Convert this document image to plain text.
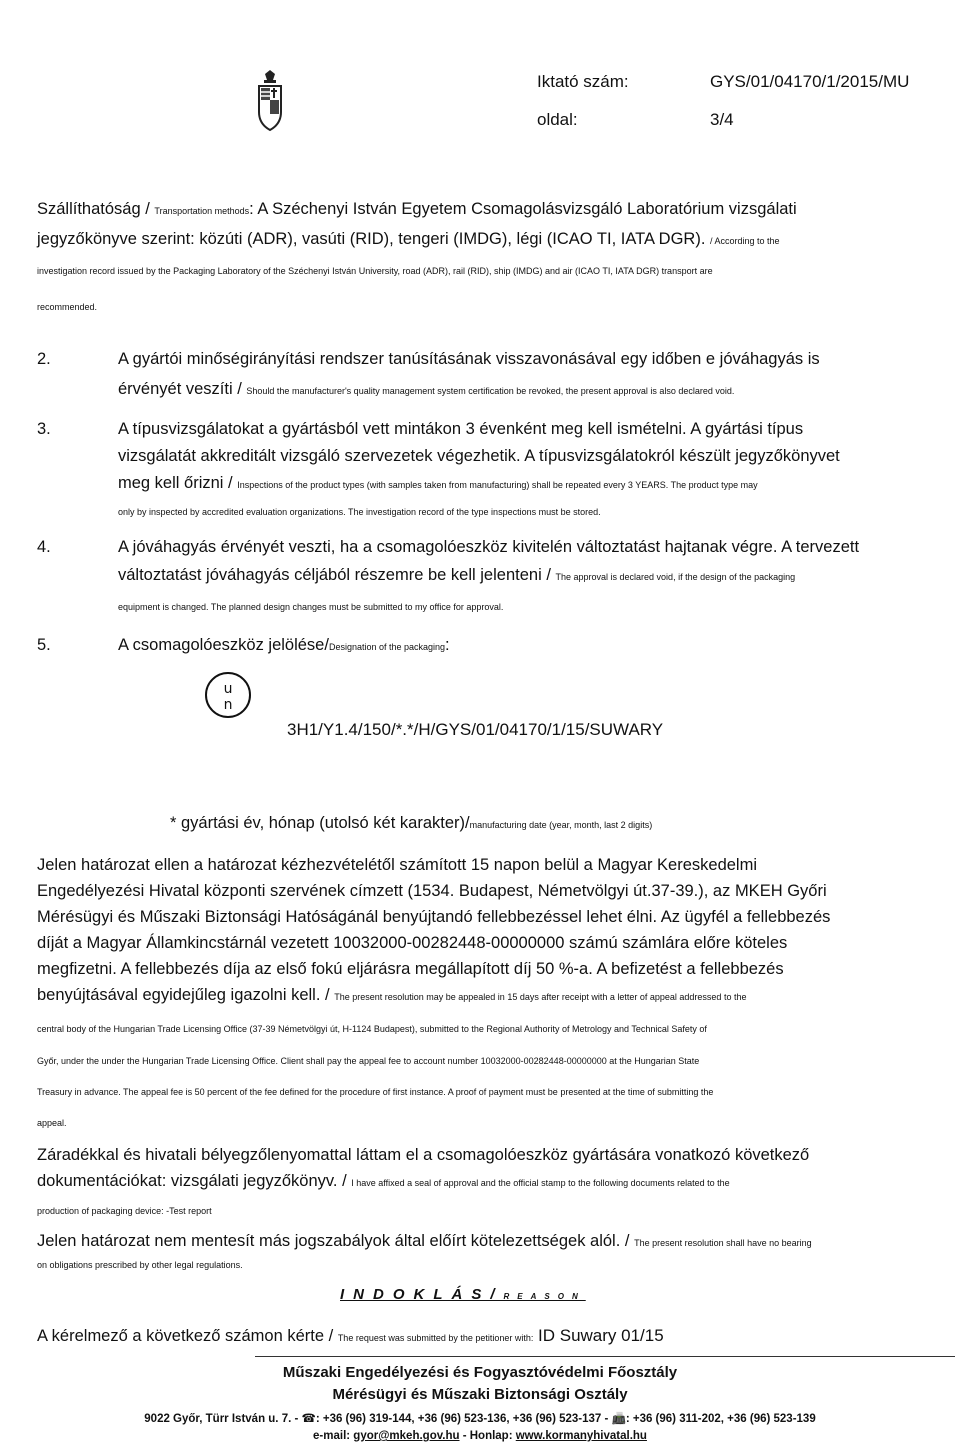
Iktató szám:	GYS/01/04170/1/2015/MU
oldal:	3/4
Szállíthatóság / Transportation methods: A Széchenyi István Egyetem Csomagolásvizsgáló Laboratórium vizsgálati
jegyzőkönyve szerint: közúti (ADR), vasúti (RID), tengeri (IMDG), légi (ICAO TI, IATA DGR). / According to the
investigation record issued by the Packaging Laboratory of the Széchenyi István University, road (ADR), rail (RID), ship (IMDG) and air (ICAO TI, IATA DGR) transport are
recommended.
2.	A gyártói minőségirányítási rendszer tanúsításának visszavonásával egy időben e jóváhagyás is
érvényét veszíti / Should the manufacturer's quality management system certification be revoked, the present approval is also declared void.
3.	A típusvizsgálatokat a gyártásból vett mintákon 3 évenként meg kell ismételni. A gyártási típus
vizsgálatát akkreditált vizsgáló szervezetek végezhetik. A típusvizsgálatokról készült jegyzőkönyvet
meg kell őrizni / Inspections of the product types (with samples taken from manufacturing) shall be repeated every 3 YEARS. The product type may
only by inspected by accredited evaluation organizations. The investigation record of the type inspections must be stored.
4.	A jóváhagyás érvényét veszti, ha a csomagolóeszköz kivitelén változtatást hajtanak végre. A tervezett
változtatást jóváhagyás céljából részemre be kell jelenteni / The approval is declared void, if the design of the packaging
equipment is changed. The planned design changes must be submitted to my office for approval.
5.	A csomagolóeszköz jelölése/Designation of the packaging:
u
n
3H1/Y1.4/150/*.*/H/GYS/01/04170/1/15/SUWARY
* gyártási év, hónap (utolsó két karakter)/manufacturing date (year, month, last 2 digits)
Jelen határozat ellen a határozat kézhezvételétől számított 15 napon belül a Magyar Kereskedelmi
Engedélyezési Hivatal központi szervének címzett (1534. Budapest, Németvölgyi út.37-39.), az MKEH Győri
Mérésügyi és Műszaki Biztonsági Hatóságánál benyújtandó fellebbezéssel lehet élni. Az ügyfél a fellebbezés
díját a Magyar Államkincstárnál vezetett 10032000-00282448-00000000 számú számlára előre köteles
megfizetni. A fellebbezés díja az első fokú eljárásra megállapított díj 50 %-a. A befizetést a fellebbezés
benyújtásával egyidejűleg igazolni kell. / The present resolution may be appealed in 15 days after receipt with a letter of appeal addressed to the
central body of the Hungarian Trade Licensing Office (37-39 Németvölgyi út, H-1124 Budapest), submitted to the Regional Authority of Metrology and Technical Safety of
Győr, under the under the Hungarian Trade Licensing Office. Client shall pay the appeal fee to account number 10032000-00282448-00000000 at the Hungarian State
Treasury in advance. The appeal fee is 50 percent of the fee defined for the procedure of first instance. A proof of payment must be presented at the time of submitting the
appeal.
Záradékkal és hivatali bélyegzőlenyomattal láttam el a csomagolóeszköz gyártására vonatkozó következő
dokumentációkat: vizsgálati jegyzőkönyv. / I have affixed a seal of approval and the official stamp to the following documents related to the
production of packaging device: -Test report
Jelen határozat nem mentesít más jogszabályok által előírt kötelezettségek alól. / The present resolution shall have no bearing
on obligations prescribed by other legal regulations.
INDOKLÁS/REASON
A kérelmező a következő számon kérte / The request was submitted by the petitioner with: ID Suwary 01/15
Műszaki Engedélyezési és Fogyasztóvédelmi Főosztály
Mérésügyi és Műszaki Biztonsági Osztály
9022 Győr, Türr István u. 7. - ☎: +36 (96) 319-144, +36 (96) 523-136, +36 (96) 523-137 - 📠: +36 (96) 311-202, +36 (96) 523-139
e-mail: gyor@mkeh.gov.hu - Honlap: www.kormanyhivatal.hu
